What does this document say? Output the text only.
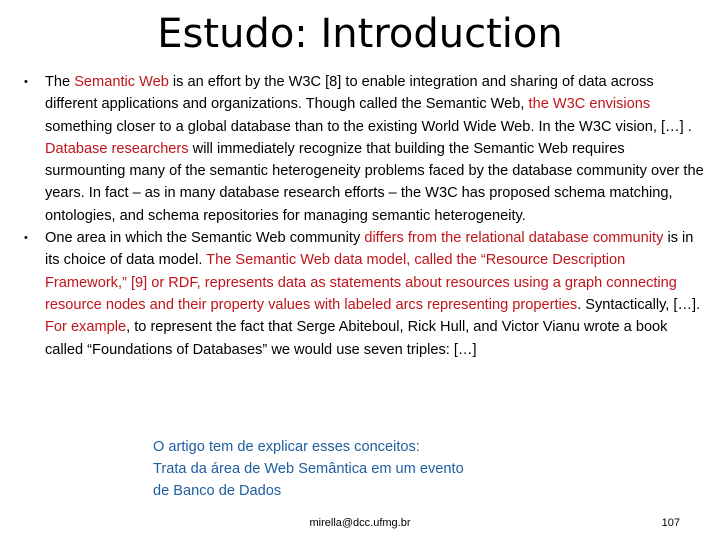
Estudo: Introduction
• The Semantic Web is an effort by the W3C [8] to enable integration and sharing of data across different applications and organizations. Though called the Semantic Web, the W3C envisions something closer to a global database than to the existing World Wide Web. In the W3C vision, […] . Database researchers will immediately recognize that building the Semantic Web requires surmounting many of the semantic heterogeneity problems faced by the database community over the years. In fact – as in many database research efforts – the W3C has proposed schema matching, ontologies, and schema repositories for managing semantic heterogeneity.
• One area in which the Semantic Web community differs from the relational database community is in its choice of data model. The Semantic Web data model, called the “Resource Description Framework,” [9] or RDF, represents data as statements about resources using a graph connecting resource nodes and their property values with labeled arcs representing properties. Syntactically, […]. For example, to represent the fact that Serge Abiteboul, Rick Hull, and Victor Vianu wrote a book called “Foundations of Databases” we would use seven triples: […]
O artigo tem de explicar esses conceitos:
Trata da área de Web Semântica em um evento
de Banco de Dados
mirella@dcc.ufmg.br	107
